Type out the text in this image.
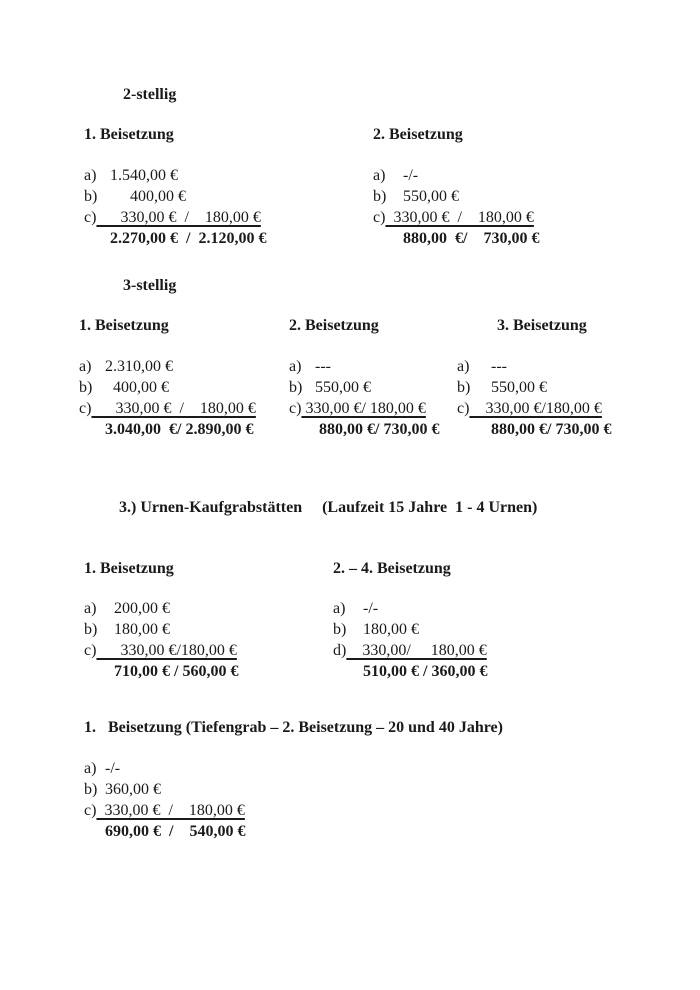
2-stellig
1. Beisetzung
a) 1.540,00 €
b)     400,00 €
c)      330,00 €  /    180,00 €
2.270,00 €  /  2.120,00 €
2. Beisetzung
a) -/-
b) 550,00 €
c)  330,00 €  /    180,00 €
880,00  €/    730,00 €
3-stellig
1. Beisetzung
a) 2.310,00 €
b)  400,00 €
c)      330,00 €  /    180,00 €
3.040,00  €/ 2.890,00 €
2. Beisetzung
a) ---
b) 550,00 €
c) 330,00 €/ 180,00 €
880,00 €/ 730,00 €
3. Beisetzung
a)  ---
b)  550,00 €
c)    330,00 €/180,00 €
880,00 €/ 730,00 €
3.) Urnen-Kaufgrabstätten     (Laufzeit 15 Jahre  1 - 4 Urnen)
1. Beisetzung
a) 200,00 €
b) 180,00 €
c)      330,00 €/180,00 €
710,00 € / 560,00 €
2. – 4. Beisetzung
a) -/-
b) 180,00 €
d)    330,00/     180,00 €
510,00 € / 360,00 €
1.   Beisetzung (Tiefengrab – 2. Beisetzung – 20 und 40 Jahre)
a) -/-
b) 360,00 €
c)  330,00 €  /    180,00 €
690,00 €  /    540,00 €
